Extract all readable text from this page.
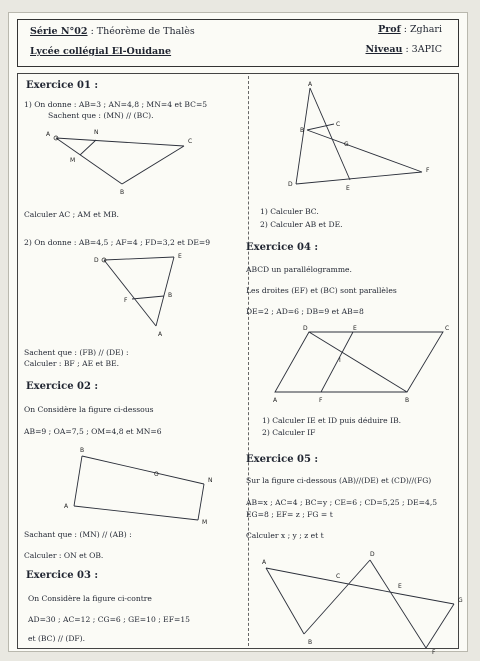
Série N°02 : Théorème de Thalès
Lycée collégial El-Ouidane
Prof : Zghari
Niveau : 3APIC
Exercice 01 :
1) On donne : AB=3 ; AN=4,8 ; MN=4 et BC=5
Sachent que : (MN) // (BC).
A	N
C
M
B
Calculer AC ; AM et MB.
2) On donne : AB=4,5 ; AF=4 ; FD=3,2 et DE=9
D
E
F
B
A
Sachent que : (FB) // (DE) :
Calculer : BF ; AE et BE.
Exercice 02 :
On Considère la figure ci-dessous
AB=9 ; OA=7,5 ; OM=4,8 et MN=6
B
O
N
A
M
Sachant que : (MN) // (AB) :
Calculer : ON et OB.
Exercice 03 :
On Considère la figure ci-contre
AD=30 ; AC=12 ; CG=6 ; GE=10 ; EF=15
et (BC) // (DF).
A
B
C
G
D
E
F
1) Calculer BC.
2) Calculer AB et DE.
Exercice 04 :
ABCD un parallélogramme.
Les droites (EF) et (BC) sont parallèles
DE=2 ; AD=6 ; DB=9 et AB=8
D	E	C
I
A	F	B
1) Calculer IE et ID puis déduire IB.
2) Calculer IF
Exercice 05 :
Sur la figure ci-dessous (AB)//(DE) et (CD)//(FG)
AB=x ; AC=4 ; BC=y ; CE=6 ; CD=5,25 ; DE=4,5
EG=8 ; EF= z ; FG = t
Calculer x ; y ; z et t
D
A
C
E
G
B
F
